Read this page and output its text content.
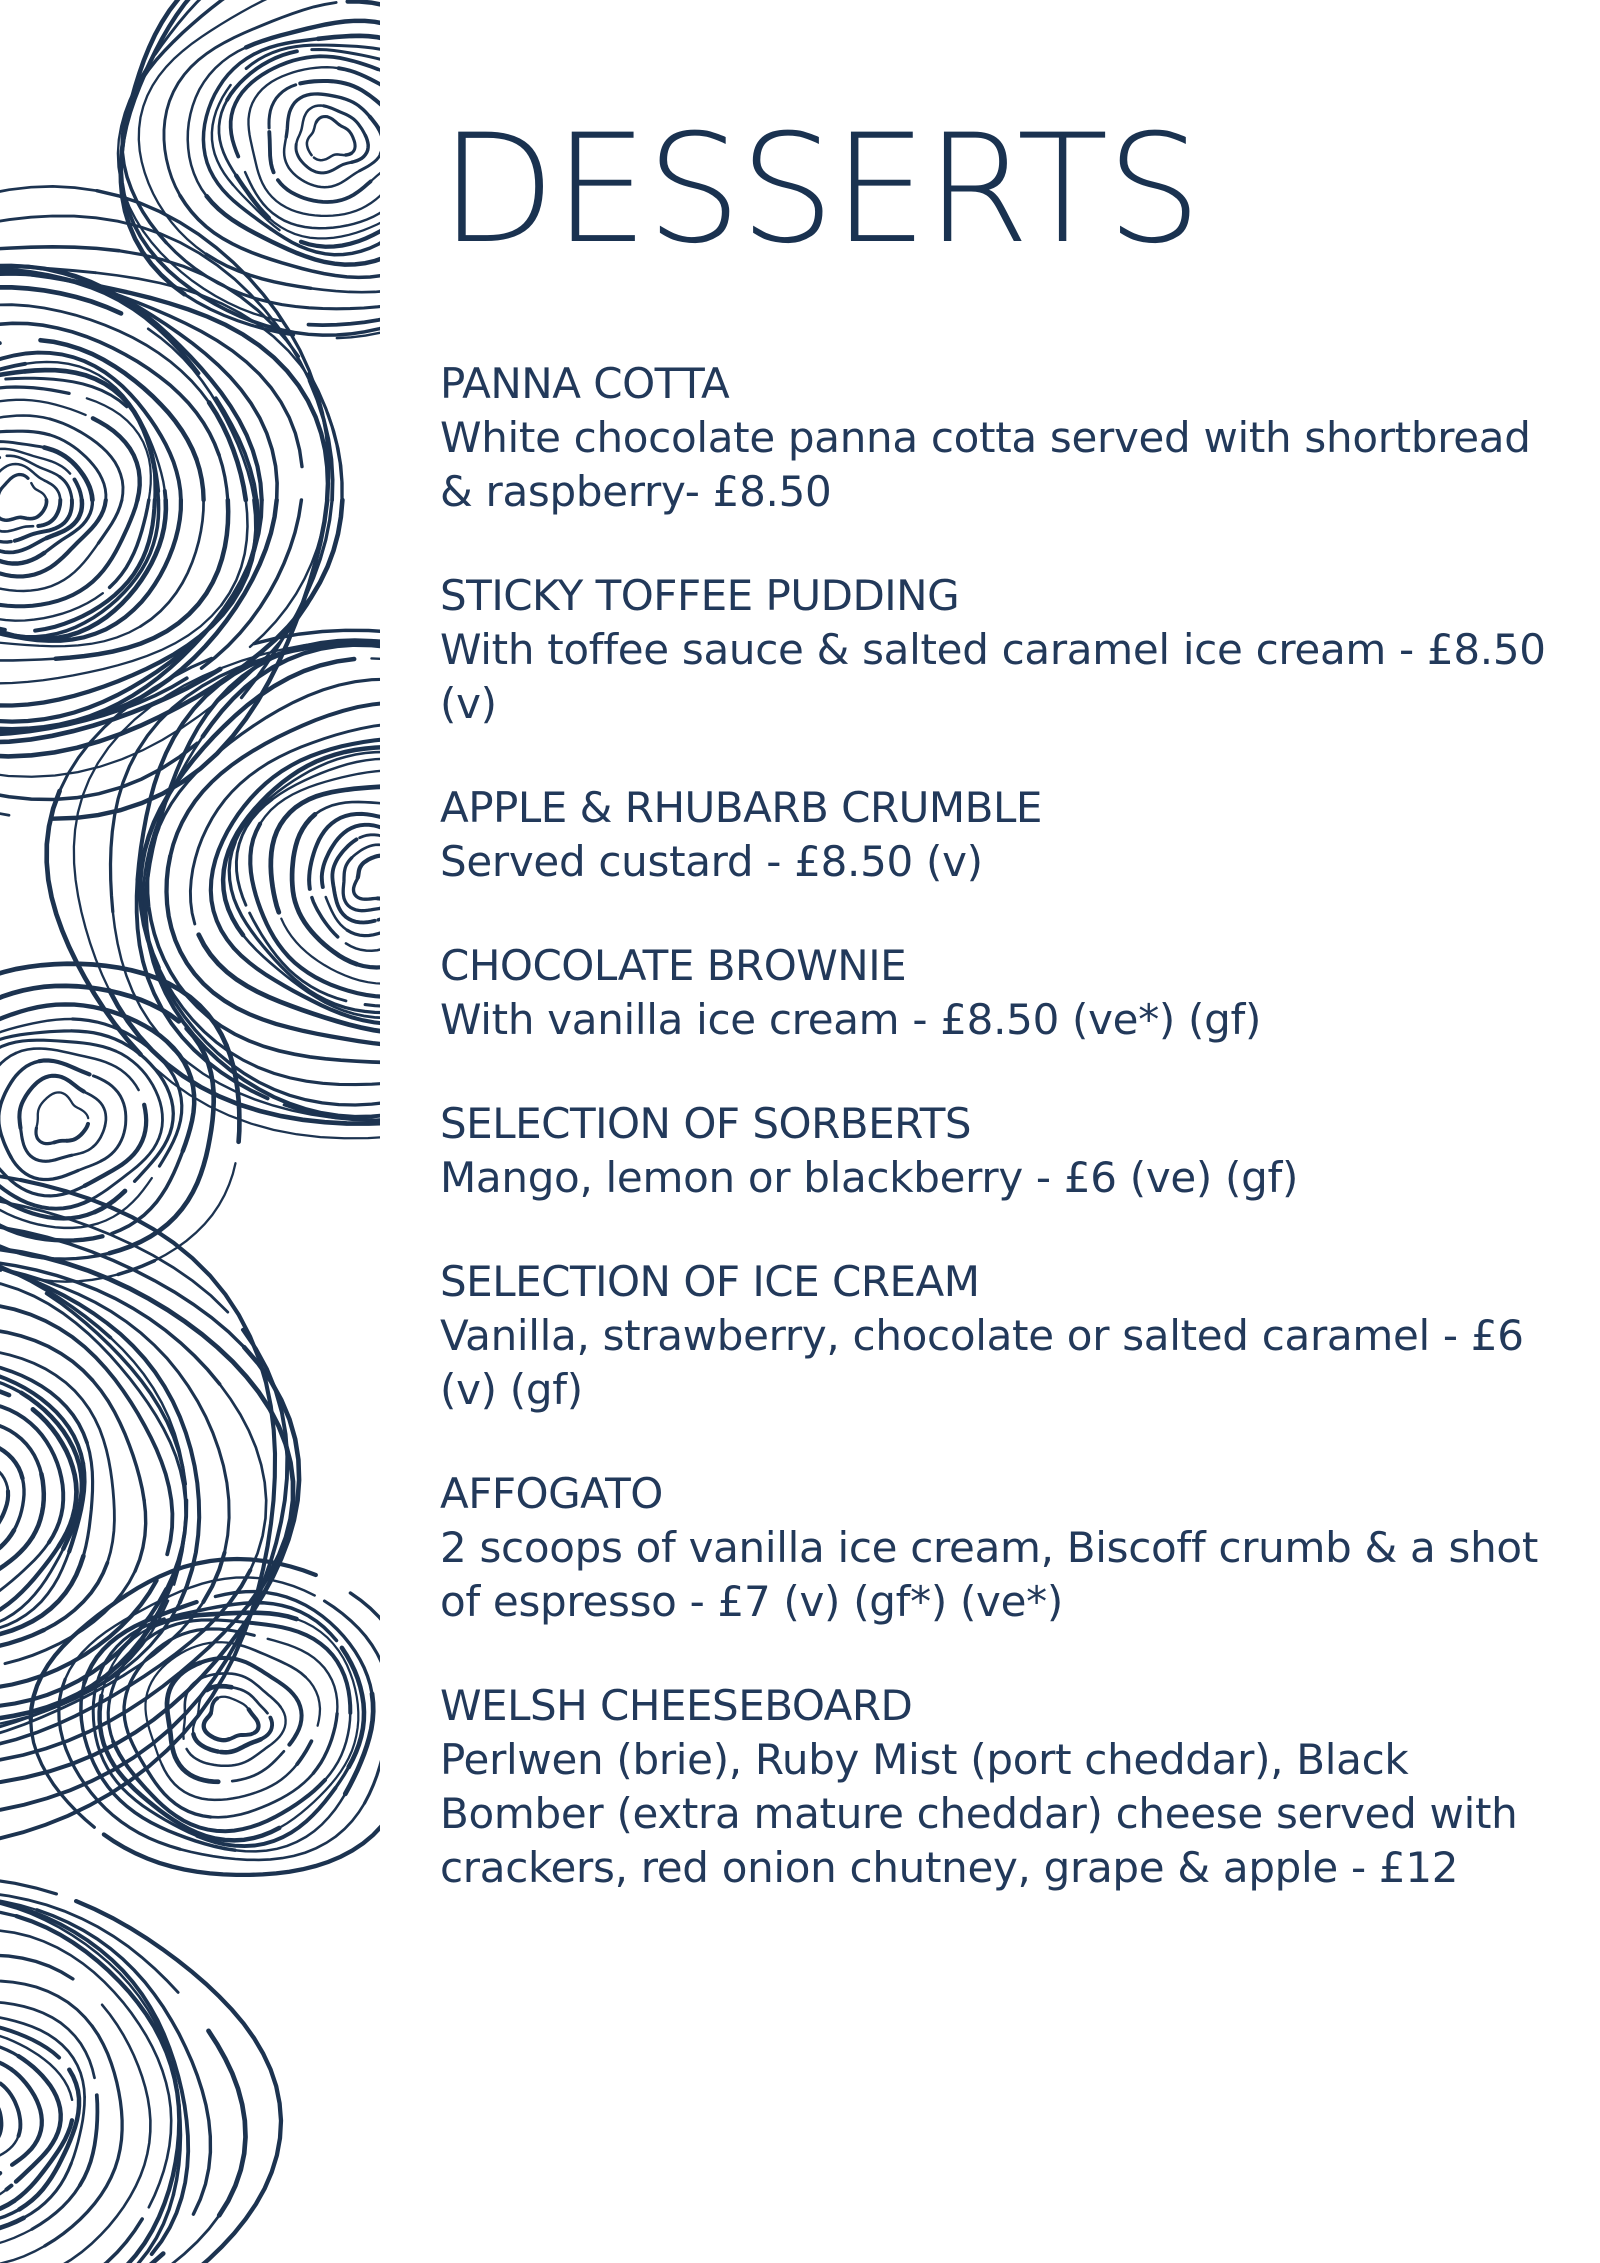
DESSERTS
PANNA COTTA
White chocolate panna cotta served with shortbread & raspberry- £8.50
STICKY TOFFEE PUDDING
With toffee sauce & salted caramel ice cream - £8.50 (v)
APPLE & RHUBARB CRUMBLE
Served custard - £8.50 (v)
CHOCOLATE BROWNIE
With vanilla ice cream - £8.50 (ve*) (gf)
SELECTION OF SORBERTS
Mango, lemon or blackberry - £6 (ve) (gf)
SELECTION OF ICE CREAM
Vanilla, strawberry, chocolate or salted caramel - £6 (v) (gf)
AFFOGATO
2 scoops of vanilla ice cream, Biscoff crumb & a shot of espresso - £7 (v) (gf*) (ve*)
WELSH CHEESEBOARD
Perlwen (brie), Ruby Mist (port cheddar), Black Bomber (extra mature cheddar) cheese served with crackers, red onion chutney, grape & apple - £12
